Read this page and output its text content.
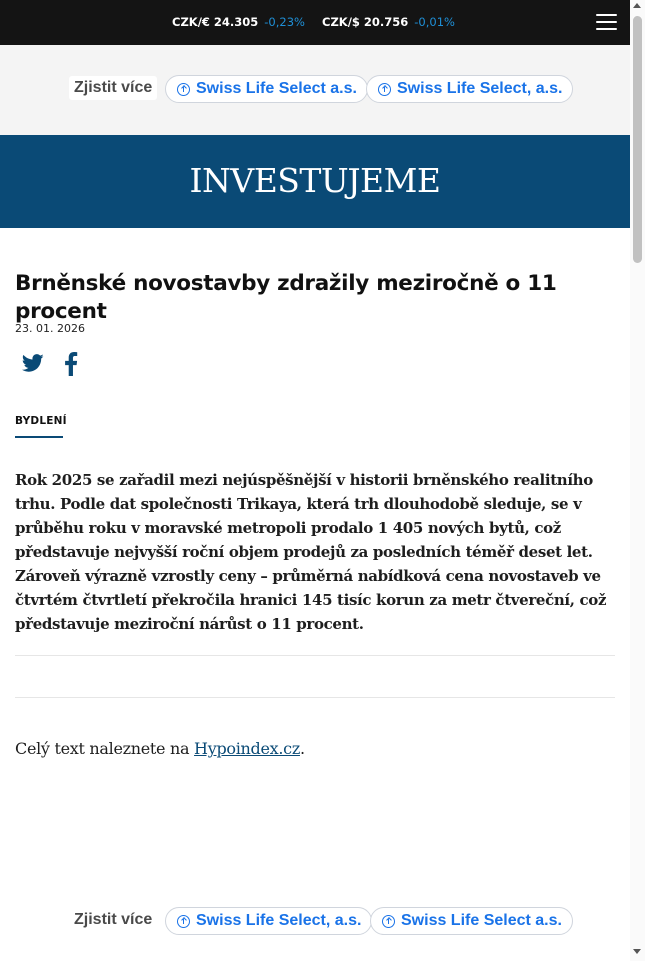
CZK/€ 24.305 -0,23% CZK/$ 20.756 -0,01%
Zjistit více	Swiss Life Select a.s.	Swiss Life Select, a.s.
INVESTUJEME
Brněnské novostavby zdražily meziročně o 11 procent
23. 01. 2026
BYDLENÍ

Rok 2025 se zařadil mezi nejúspěšnější v historii brněnského realitního trhu. Podle dat společnosti Trikaya, která trh dlouhodobě sleduje, se v průběhu roku v moravské metropoli prodalo 1 405 nových bytů, což představuje nejvyšší roční objem prodejů za posledních téměř deset let. Zároveň výrazně vzrostly ceny – průměrná nabídková cena novostaveb ve čtvrtém čtvrtletí překročila hranici 145 tisíc korun za metr čtvereční, což představuje meziroční nárůst o 11 procent.

Celý text naleznete na Hypoindex.cz.

Zjistit více	Swiss Life Select, a.s. Swiss Life Select a.s.
